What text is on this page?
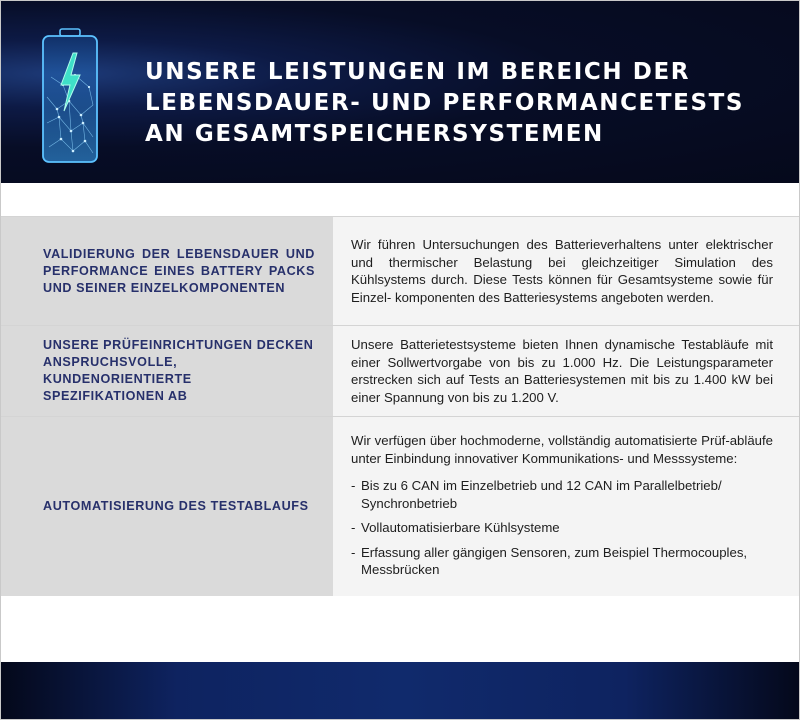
UNSERE LEISTUNGEN IM BEREICH DER
LEBENSDAUER- UND PERFORMANCETESTS
AN GESAMTSPEICHERSYSTEMEN
VALIDIERUNG DER LEBENSDAUER UND PERFORMANCE EINES BATTERY PACKS UND SEINER EINZELKOMPONENTEN

Wir führen Untersuchungen des Batterieverhaltens unter elektrischer und thermischer Belastung bei gleichzeitiger Simulation des Kühlsystems durch. Diese Tests können für Gesamtsysteme sowie für Einzel- komponenten des Batteriesystems angeboten werden.

UNSERE PRÜFEINRICHTUNGEN DECKEN ANSPRUCHSVOLLE, KUNDENORIENTIERTE SPEZIFIKATIONEN AB

Unsere Batterietestsysteme bieten Ihnen dynamische Testabläufe mit einer Sollwertvorgabe von bis zu 1.000 Hz. Die Leistungsparameter erstrecken sich auf Tests an Batteriesystemen mit bis zu 1.400 kW bei einer Spannung von bis zu 1.200 V.

AUTOMATISIERUNG DES TESTABLAUFS

Wir verfügen über hochmoderne, vollständig automatisierte Prüf-abläufe unter Einbindung innovativer Kommunikations- und Messsysteme:

- Bis zu 6 CAN im Einzelbetrieb und 12 CAN im Parallelbetrieb/ Synchronbetrieb
- Vollautomatisierbare Kühlsysteme
- Erfassung aller gängigen Sensoren, zum Beispiel Thermocouples, Messbrücken
